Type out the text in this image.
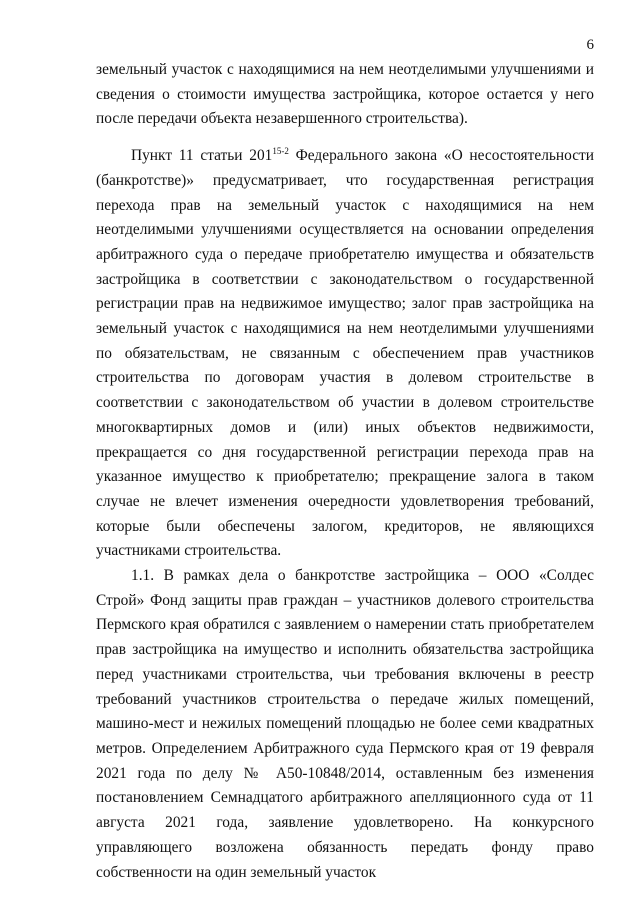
6

земельный участок с находящимися на нем неотделимыми улучшениями и сведения о стоимости имущества застройщика, которое остается у него после передачи объекта незавершенного строительства).

Пункт 11 статьи 201$^{15-2}$ Федерального закона «О несостоятельности (банкротстве)» предусматривает, что государственная регистрация перехода прав на земельный участок с находящимися на нем неотделимыми улучшениями осуществляется на основании определения арбитражного суда о передаче приобретателю имущества и обязательств застройщика в соответствии с законодательством о государственной регистрации прав на недвижимое имущество; залог прав застройщика на земельный участок с находящимися на нем неотделимыми улучшениями по обязательствам, не связанным с обеспечением прав участников строительства по договорам участия в долевом строительстве в соответствии с законодательством об участии в долевом строительстве многоквартирных домов и (или) иных объектов недвижимости, прекращается со дня государственной регистрации перехода прав на указанное имущество к приобретателю; прекращение залога в таком случае не влечет изменения очередности удовлетворения требований, которые были обеспечены залогом, кредиторов, не являющихся участниками строительства.

1.1. В рамках дела о банкротстве застройщика – ООО «Солдес Строй» Фонд защиты прав граждан – участников долевого строительства Пермского края обратился с заявлением о намерении стать приобретателем прав застройщика на имущество и исполнить обязательства застройщика перед участниками строительства, чьи требования включены в реестр требований участников строительства о передаче жилых помещений, машино-мест и нежилых помещений площадью не более семи квадратных метров. Определением Арбитражного суда Пермского края от 19 февраля 2021 года по делу № А50-10848/2014, оставленным без изменения постановлением Семнадцатого арбитражного апелляционного суда от 11 августа 2021 года, заявление удовлетворено. На конкурсного управляющего возложена обязанность передать фонду право собственности на один земельный участок
